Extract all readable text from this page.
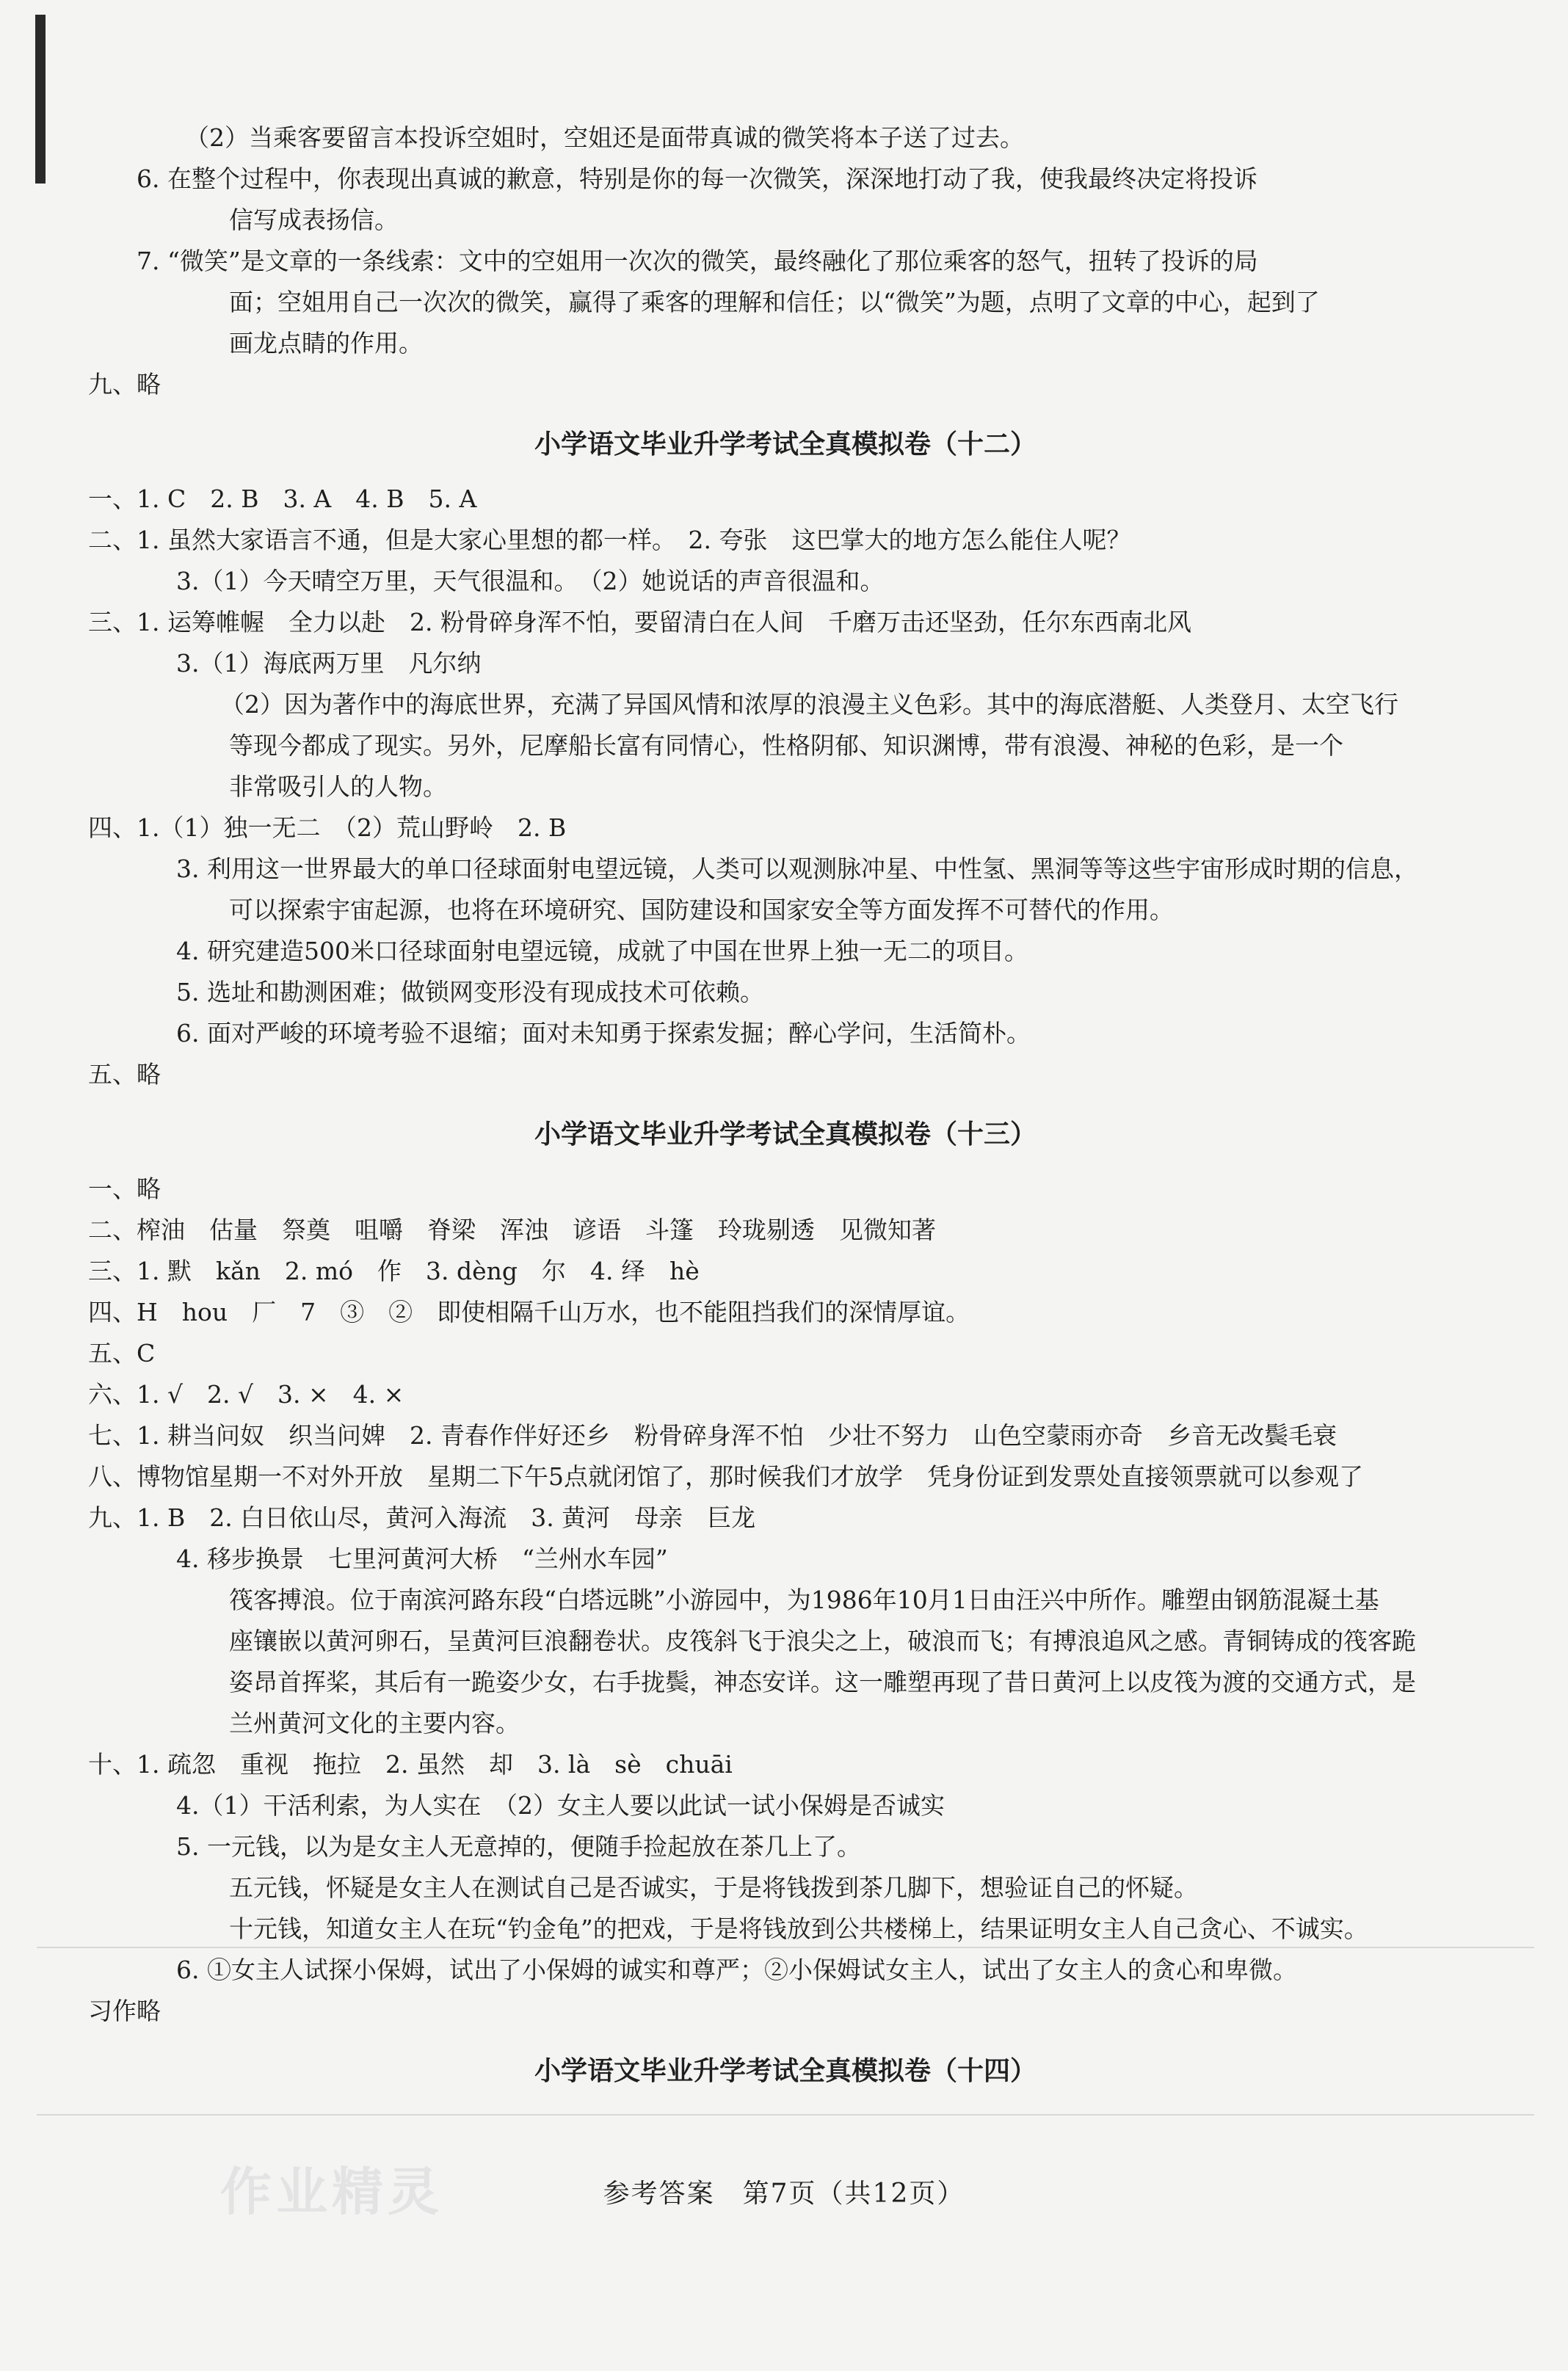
作业精灵
（2）当乘客要留言本投诉空姐时，空姐还是面带真诚的微笑将本子送了过去。
6. 在整个过程中，你表现出真诚的歉意，特别是你的每一次微笑，深深地打动了我，使我最终决定将投诉
信写成表扬信。
7. “微笑”是文章的一条线索：文中的空姐用一次次的微笑，最终融化了那位乘客的怒气，扭转了投诉的局
面；空姐用自己一次次的微笑，赢得了乘客的理解和信任；以“微笑”为题，点明了文章的中心，起到了
画龙点睛的作用。
九、略
小学语文毕业升学考试全真模拟卷（十二）
一、1. C　2. B　3. A　4. B　5. A
二、1. 虽然大家语言不通，但是大家心里想的都一样。　2. 夸张　这巴掌大的地方怎么能住人呢？
3.（1）今天晴空万里，天气很温和。　（2）她说话的声音很温和。
三、1. 运筹帷幄　全力以赴　2. 粉骨碎身浑不怕，要留清白在人间　千磨万击还坚劲，任尔东西南北风
3.（1）海底两万里　凡尔纳
（2）因为著作中的海底世界，充满了异国风情和浓厚的浪漫主义色彩。其中的海底潜艇、人类登月、太空飞行
等现今都成了现实。另外，尼摩船长富有同情心，性格阴郁、知识渊博，带有浪漫、神秘的色彩，是一个
非常吸引人的人物。
四、1.（1）独一无二　（2）荒山野岭　2. B
3. 利用这一世界最大的单口径球面射电望远镜，人类可以观测脉冲星、中性氢、黑洞等等这些宇宙形成时期的信息，
可以探索宇宙起源，也将在环境研究、国防建设和国家安全等方面发挥不可替代的作用。
4. 研究建造500米口径球面射电望远镜，成就了中国在世界上独一无二的项目。
5. 选址和勘测困难；做锁网变形没有现成技术可依赖。
6. 面对严峻的环境考验不退缩；面对未知勇于探索发掘；醉心学问，生活简朴。
五、略
小学语文毕业升学考试全真模拟卷（十三）
一、略
二、榨油　估量　祭奠　咀嚼　脊梁　浑浊　谚语　斗篷　玲珑剔透　见微知著
三、1. 默　kǎn　2. mó　作　3. dèng　尔　4. 绎　hè
四、H　hou　厂　7　③　②　即使相隔千山万水，也不能阻挡我们的深情厚谊。
五、C
六、1. √　2. √　3. ×　4. ×
七、1. 耕当问奴　织当问婢　2. 青春作伴好还乡　粉骨碎身浑不怕　少壮不努力　山色空蒙雨亦奇　乡音无改鬓毛衰
八、博物馆星期一不对外开放　星期二下午5点就闭馆了，那时候我们才放学　凭身份证到发票处直接领票就可以参观了
九、1. B　2. 白日依山尽，黄河入海流　3. 黄河　母亲　巨龙
4. 移步换景　七里河黄河大桥　“兰州水车园”
筏客搏浪。位于南滨河路东段“白塔远眺”小游园中，为1986年10月1日由汪兴中所作。雕塑由钢筋混凝土基
座镶嵌以黄河卵石，呈黄河巨浪翻卷状。皮筏斜飞于浪尖之上，破浪而飞；有搏浪追风之感。青铜铸成的筏客跪
姿昂首挥桨，其后有一跪姿少女，右手拢鬓，神态安详。这一雕塑再现了昔日黄河上以皮筏为渡的交通方式，是
兰州黄河文化的主要内容。
十、1. 疏忽　重视　拖拉　2. 虽然　却　3. là　sè　chuāi
4.（1）干活利索，为人实在　（2）女主人要以此试一试小保姆是否诚实
5. 一元钱，以为是女主人无意掉的，便随手捡起放在茶几上了。
五元钱，怀疑是女主人在测试自己是否诚实，于是将钱拨到茶几脚下，想验证自己的怀疑。
十元钱，知道女主人在玩“钓金龟”的把戏，于是将钱放到公共楼梯上，结果证明女主人自己贪心、不诚实。
6. ①女主人试探小保姆，试出了小保姆的诚实和尊严；②小保姆试女主人，试出了女主人的贪心和卑微。
习作略
小学语文毕业升学考试全真模拟卷（十四）
参考答案　第7页（共12页）
